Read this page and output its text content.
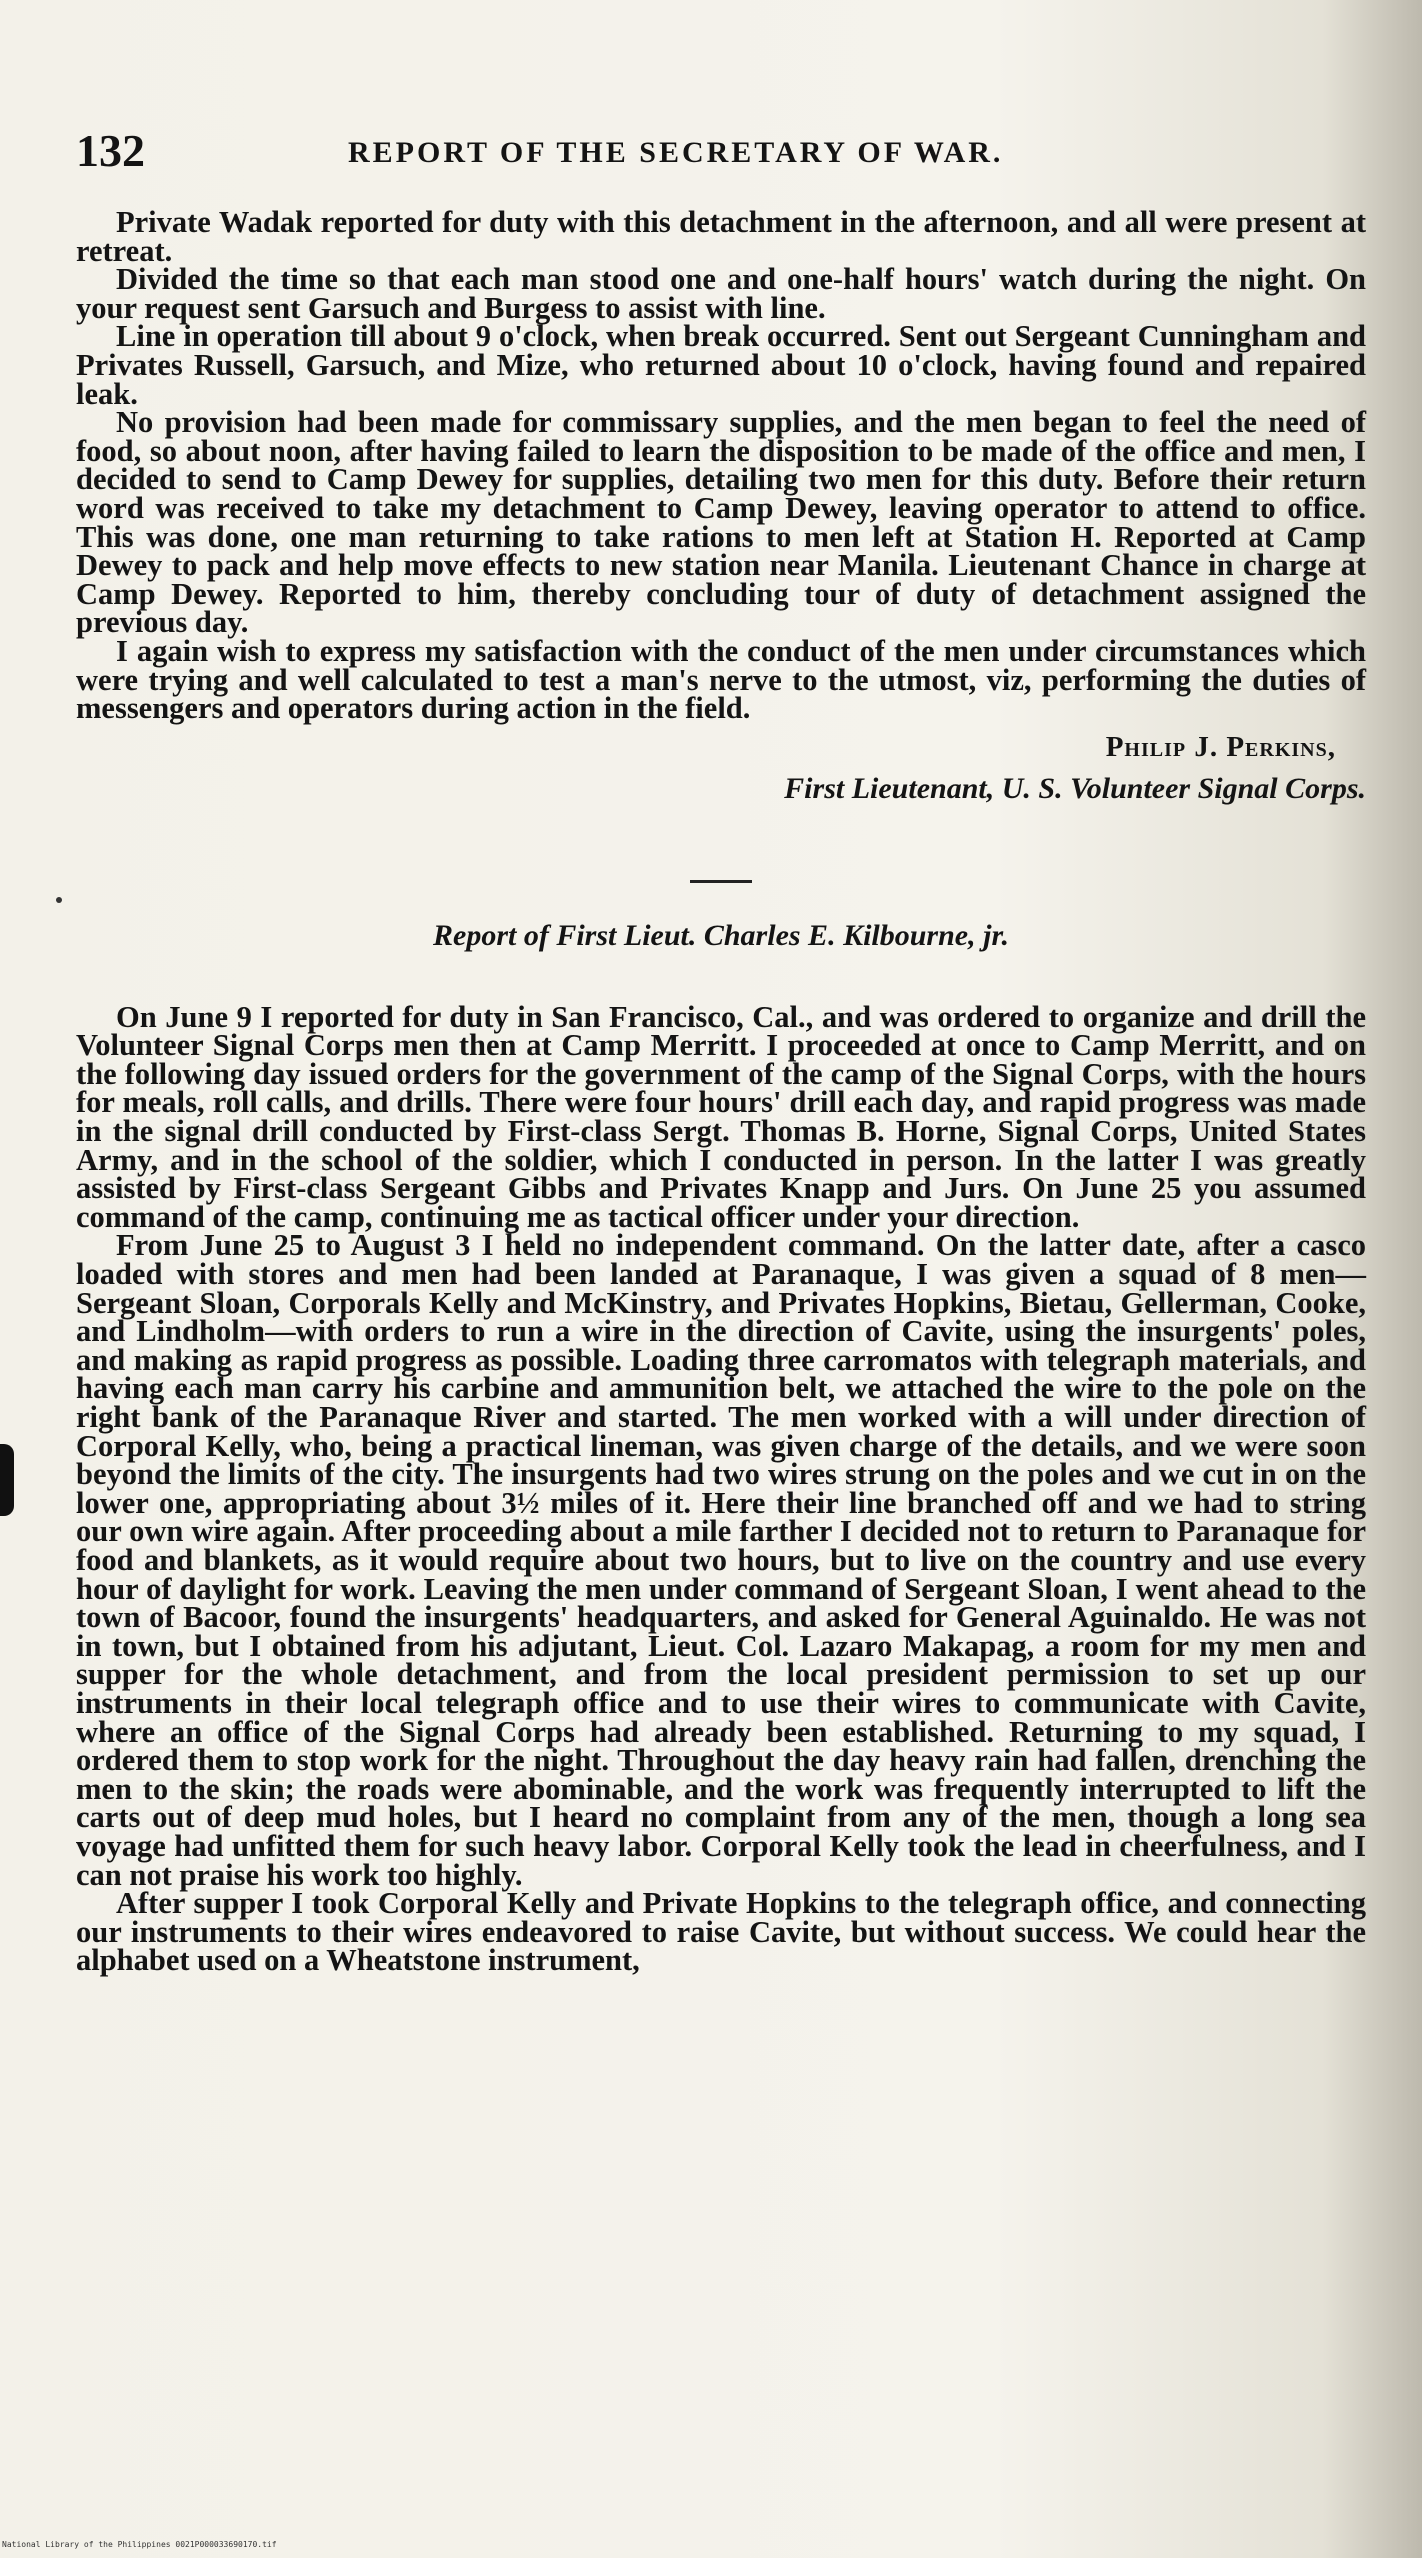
132	REPORT OF THE SECRETARY OF WAR.

Private Wadak reported for duty with this detachment in the afternoon, and all were present at retreat.

Divided the time so that each man stood one and one-half hours' watch during the night. On your request sent Garsuch and Burgess to assist with line.

Line in operation till about 9 o'clock, when break occurred. Sent out Sergeant Cunningham and Privates Russell, Garsuch, and Mize, who returned about 10 o'clock, having found and repaired leak.

No provision had been made for commissary supplies, and the men began to feel the need of food, so about noon, after having failed to learn the disposition to be made of the office and men, I decided to send to Camp Dewey for supplies, detailing two men for this duty. Before their return word was received to take my detachment to Camp Dewey, leaving operator to attend to office. This was done, one man returning to take rations to men left at Station H. Reported at Camp Dewey to pack and help move effects to new station near Manila. Lieutenant Chance in charge at Camp Dewey. Reported to him, thereby concluding tour of duty of detachment assigned the previous day.

I again wish to express my satisfaction with the conduct of the men under circumstances which were trying and well calculated to test a man's nerve to the utmost, viz, performing the duties of messengers and operators during action in the field.

Philip J. Perkins,
First Lieutenant, U. S. Volunteer Signal Corps.
Report of First Lieut. Charles E. Kilbourne, jr.

On June 9 I reported for duty in San Francisco, Cal., and was ordered to organize and drill the Volunteer Signal Corps men then at Camp Merritt. I proceeded at once to Camp Merritt, and on the following day issued orders for the government of the camp of the Signal Corps, with the hours for meals, roll calls, and drills. There were four hours' drill each day, and rapid progress was made in the signal drill conducted by First-class Sergt. Thomas B. Horne, Signal Corps, United States Army, and in the school of the soldier, which I conducted in person. In the latter I was greatly assisted by First-class Sergeant Gibbs and Privates Knapp and Jurs. On June 25 you assumed command of the camp, continuing me as tactical officer under your direction.

From June 25 to August 3 I held no independent command. On the latter date, after a casco loaded with stores and men had been landed at Paranaque, I was given a squad of 8 men—Sergeant Sloan, Corporals Kelly and McKinstry, and Privates Hopkins, Bietau, Gellerman, Cooke, and Lindholm—with orders to run a wire in the direction of Cavite, using the insurgents' poles, and making as rapid progress as possible. Loading three carromatos with telegraph materials, and having each man carry his carbine and ammunition belt, we attached the wire to the pole on the right bank of the Paranaque River and started. The men worked with a will under direction of Corporal Kelly, who, being a practical lineman, was given charge of the details, and we were soon beyond the limits of the city. The insurgents had two wires strung on the poles and we cut in on the lower one, appropriating about 3½ miles of it. Here their line branched off and we had to string our own wire again. After proceeding about a mile farther I decided not to return to Paranaque for food and blankets, as it would require about two hours, but to live on the country and use every hour of daylight for work. Leaving the men under command of Sergeant Sloan, I went ahead to the town of Bacoor, found the insurgents' headquarters, and asked for General Aguinaldo. He was not in town, but I obtained from his adjutant, Lieut. Col. Lazaro Makapag, a room for my men and supper for the whole detachment, and from the local president permission to set up our instruments in their local telegraph office and to use their wires to communicate with Cavite, where an office of the Signal Corps had already been established. Returning to my squad, I ordered them to stop work for the night. Throughout the day heavy rain had fallen, drenching the men to the skin; the roads were abominable, and the work was frequently interrupted to lift the carts out of deep mud holes, but I heard no complaint from any of the men, though a long sea voyage had unfitted them for such heavy labor. Corporal Kelly took the lead in cheerfulness, and I can not praise his work too highly.

After supper I took Corporal Kelly and Private Hopkins to the telegraph office, and connecting our instruments to their wires endeavored to raise Cavite, but without success. We could hear the alphabet used on a Wheatstone instrument,

National Library of the Philippines 0021P000033690170.tif
